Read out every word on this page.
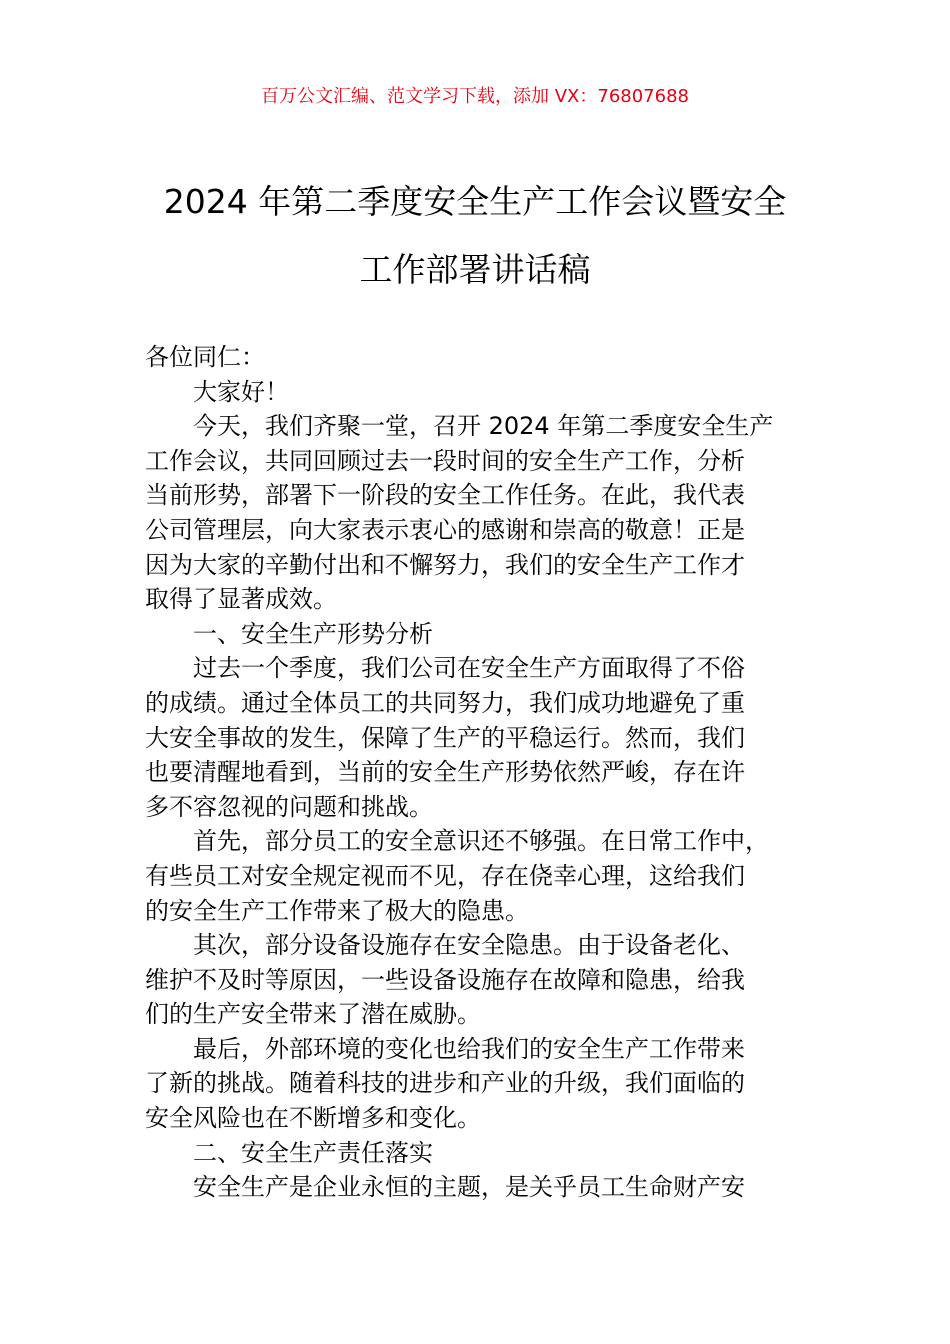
百万公文汇编、范文学习下载，添加 VX：76807688
2024 年第二季度安全生产工作会议暨安全
工作部署讲话稿
各位同仁：
大家好！
今天，我们齐聚一堂，召开 2024 年第二季度安全生产
工作会议，共同回顾过去一段时间的安全生产工作，分析
当前形势，部署下一阶段的安全工作任务。在此，我代表
公司管理层，向大家表示衷心的感谢和崇高的敬意！正是
因为大家的辛勤付出和不懈努力，我们的安全生产工作才
取得了显著成效。
一、安全生产形势分析
过去一个季度，我们公司在安全生产方面取得了不俗
的成绩。通过全体员工的共同努力，我们成功地避免了重
大安全事故的发生，保障了生产的平稳运行。然而，我们
也要清醒地看到，当前的安全生产形势依然严峻，存在许
多不容忽视的问题和挑战。
首先，部分员工的安全意识还不够强。在日常工作中，
有些员工对安全规定视而不见，存在侥幸心理，这给我们
的安全生产工作带来了极大的隐患。
其次，部分设备设施存在安全隐患。由于设备老化、
维护不及时等原因，一些设备设施存在故障和隐患，给我
们的生产安全带来了潜在威胁。
最后，外部环境的变化也给我们的安全生产工作带来
了新的挑战。随着科技的进步和产业的升级，我们面临的
安全风险也在不断增多和变化。
二、安全生产责任落实
安全生产是企业永恒的主题，是关乎员工生命财产安
